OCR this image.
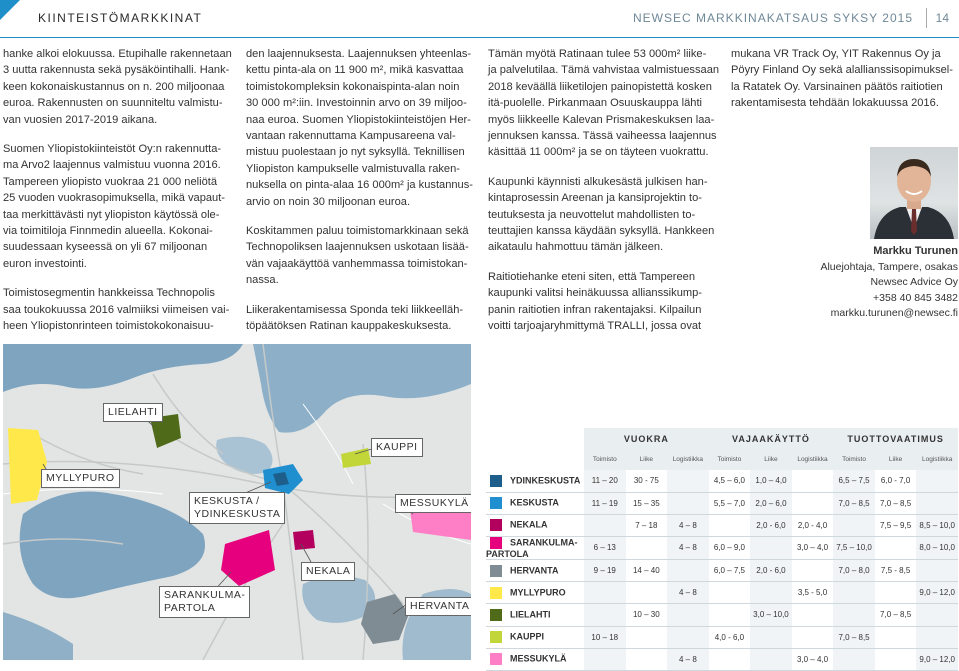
KIINTEISTÖMARKKINAT	NEWSEC MARKKINAKATSAUS SYKSY 2015 14

hanke alkoi elokuussa. Etupihalle rakennetaan
3 uutta rakennusta sekä pysäköintihalli. Hank-
keen kokonaiskustannus on n. 200 miljoonaa
euroa. Rakennusten on suunniteltu valmistu-
van vuosien 2017-2019 aikana.

Suomen Yliopistokiinteistöt Oy:n rakennutta-
ma Arvo2 laajennus valmistuu vuonna 2016.
Tampereen yliopisto vuokraa 21 000 neliötä
25 vuoden vuokrasopimuksella, mikä vapaut-
taa merkittävästi nyt yliopiston käytössä ole-
via toimitiloja Finnmedin alueella. Kokonai-
suudessaan kyseessä on yli 67 miljoonan
euron investointi.

Toimistosegmentin hankkeissa Technopolis
saa toukokuussa 2016 valmiiksi viimeisen vai-
heen Yliopistonrinteen toimistokokonaisuu-

den laajennuksesta. Laajennuksen yhteenlas-
kettu pinta-ala on 11 900 m², mikä kasvattaa
toimistokompleksin kokonaispinta-alan noin
30 000 m²:iin. Investoinnin arvo on 39 miljoo-
naa euroa. Suomen Yliopistokiinteistöjen Her-
vantaan rakennuttama Kampusareena val-
mistuu puolestaan jo nyt syksyllä. Teknillisen
Yliopiston kampukselle valmistuvalla raken-
nuksella on pinta-alaa 16 000m² ja kustannus-
arvio on noin 30 miljoonan euroa.

Koskitammen paluu toimistomarkkinaan sekä
Technopoliksen laajennuksen uskotaan lisää-
vän vajaakäyttöä vanhemmassa toimistokan-
nassa.

Liikerakentamisessa Sponda teki liikkeelläh-
töpäätöksen Ratinan kauppakeskuksesta.

Tämän myötä Ratinaan tulee 53 000m² liike-
ja palvelutilaa. Tämä vahvistaa valmistuessaan
2018 keväällä liiketilojen painopistettä kosken
itä-puolelle. Pirkanmaan Osuuskauppa lähti
myös liikkeelle Kalevan Prismakeskuksen laa-
jennuksen kanssa. Tässä vaiheessa laajennus
käsittää 11 000m² ja se on täyteen vuokrattu.

Kaupunki käynnisti alkukesästä julkisen han-
kintaprosessin Areenan ja kansiprojektin to-
teutuksesta ja neuvottelut mahdollisten to-
teuttajien kanssa käydään syksyllä. Hankkeen
aikataulu hahmottuu tämän jälkeen.

Raitiotiehanke eteni siten, että Tampereen
kaupunki valitsi heinäkuussa allianssikump-
panin raitiotien infran rakentajaksi. Kilpailun
voitti tarjoajaryhmittymä TRALLI, jossa ovat

mukana VR Track Oy, YIT Rakennus Oy ja
Pöyry Finland Oy sekä alallianssisopimuksel-
la Ratatek Oy. Varsinainen päätös raitiotien
rakentamisesta tehdään lokakuussa 2016.

Markku Turunen
Aluejohtaja, Tampere, osakas
Newsec Advice Oy
+358 40 845 3482
markku.turunen@newsec.fi
LIELAHTI
MYLLYPURO
KESKUSTA /
YDINKESKUSTA
KAUPPI
MESSUKYLÄ
NEKALA
SARANKULMA-
PARTOLA	HERVANTA
	VUOKRA			VAJAAKÄYTTÖ			TUOTTOVAATIMUS		
	Toimisto	Liike	Logistiikka	Toimisto	Liike	Logistiikka	Toimisto	Liike	Logistiikka
YDINKESKUSTA	11 – 20	30 - 75		4,5 – 6,0	1,0 – 4,0		6,5 – 7,5	6,0 - 7,0	
KESKUSTA	11 – 19	15 – 35		5,5 – 7,0	2,0 – 6,0		7,0 – 8,5	7,0 – 8,5	
NEKALA		7 – 18	4 – 8		2,0 - 6,0	2,0 - 4,0		7,5 – 9,5	8,5 – 10,0
SARANKULMA-PARTOLA	6 – 13		4 – 8	6,0 – 9,0		3,0 – 4,0	7,5 – 10,0		8,0 – 10,0
HERVANTA	9 – 19	14 – 40		6,0 – 7,5	2,0 - 6,0		7,0 – 8,0	7,5 - 8,5	
MYLLYPURO			4 – 8			3,5 - 5,0			9,0 – 12,0
LIELAHTI		10 – 30			3,0 – 10,0			7,0 – 8,5	
KAUPPI	10 – 18			4,0 - 6,0			7,0 – 8,5		
MESSUKYLÄ			4 – 8			3,0 – 4,0			9,0 – 12,0
